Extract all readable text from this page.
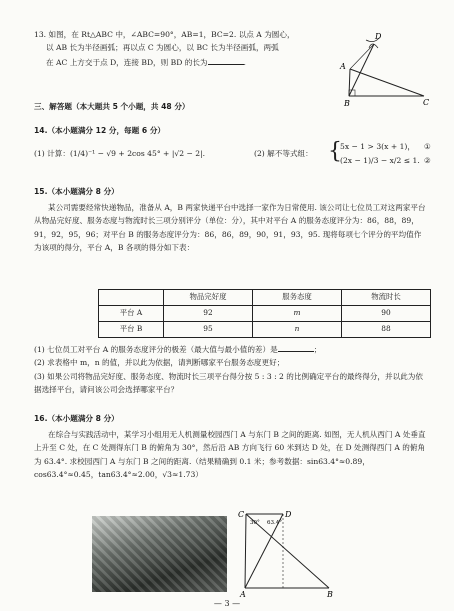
13. 如图，在 Rt△ABC 中，∠ABC=90°，AB=1，BC=2. 以点 A 为圆心，

以 AB 长为半径画弧；再以点 C 为圆心，以 BC 长为半径画弧，两弧

在 AC 上方交于点 D，连接 BD，则 BD 的长为	.

D
A
B	C
三、解答题（本大题共 5 个小题，共 48 分）
14.（本小题满分 12 分，每题 6 分）
(1) 计算：(1/4)⁻¹ − √9 + 2cos 45° + |√2 − 2|.	(2) 解不等式组： {
5x − 1 > 3(x + 1)， ①
(2x − 1)/3 − x/2 ≤ 1. ②
15.（本小题满分 8 分）

某公司需要经常快递物品，准备从 A，B 两家快递平台中选择一家作为日常使用. 该公司让七位员工对这两家平台从物品完好度、服务态度与物流时长三项分别评分（单位：分），其中对平台 A 的服务态度评分为：86，88，89，91，92，95，96；对平台 B 的服务态度评分为：86，86，89，90，91，93，95. 现将每项七个评分的平均值作为该项的得分，平台 A，B 各项的得分如下表：

	物品完好度	服务态度	物流时长
平台 A	92	m	90
平台 B	95	n	88

(1) 七位员工对平台 A 的服务态度评分的极差（最大值与最小值的差）是	；

(2) 求表格中 m，n 的值，并以此为依据，请判断哪家平台服务态度更好；

(3) 如果公司将物品完好度、服务态度、物流时长三项平台得分按 5 : 3 : 2 的比例确定平台的最终得分，并以此为依据选择平台，请问该公司会选择哪家平台？

16.（本小题满分 8 分）

在综合与实践活动中，某学习小组用无人机测量校园西门 A 与东门 B 之间的距离. 如图，无人机从西门 A 处垂直上升至 C 处，在 C 处测得东门 B 的俯角为 30°，然后沿 AB 方向飞行 60 米到达 D 处，在 D 处测得西门 A 的俯角为 63.4°. 求校园西门 A 与东门 B 之间的距离.（结果精确到 0.1 米；参考数据：sin63.4°≈0.89，cos63.4°≈0.45，tan63.4°≈2.00，√3≈1.73）

C	D
30° 63.4°
A	B
— 3 —
